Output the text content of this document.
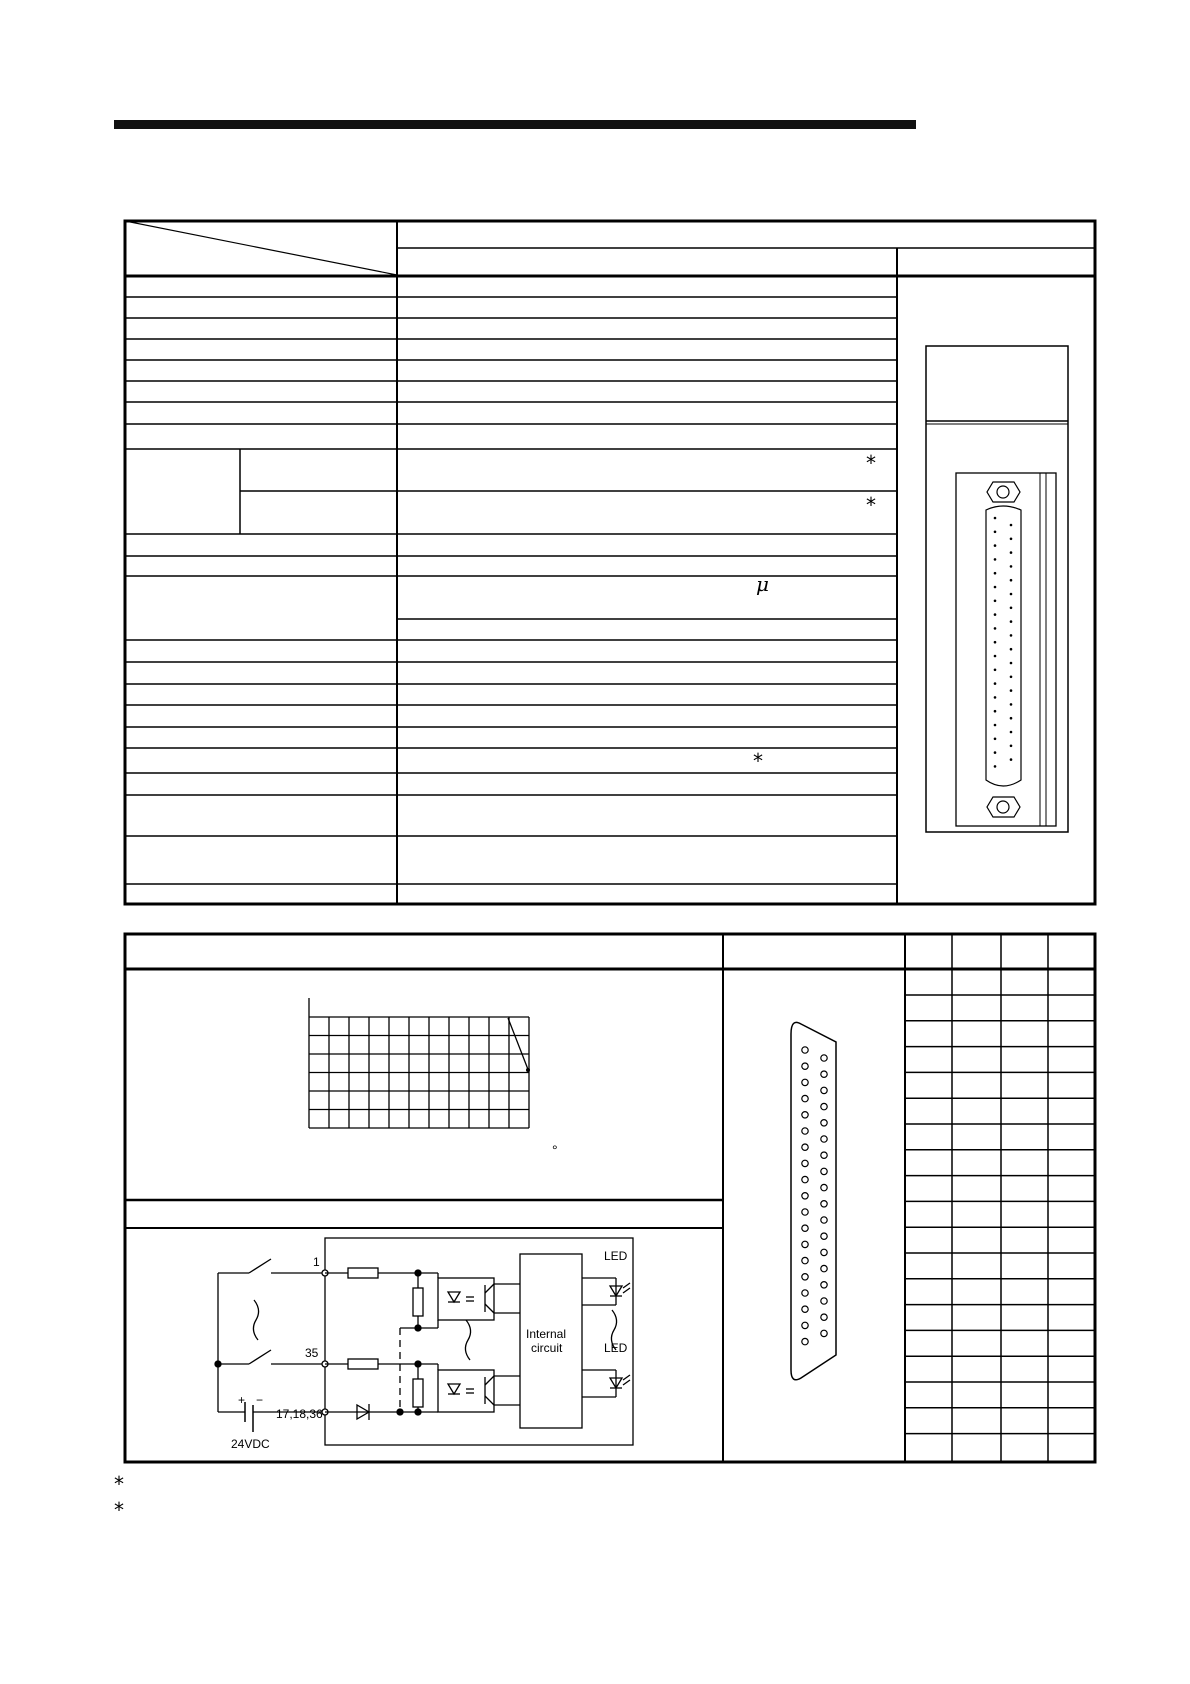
*
*
*
μ
°
1
35
17,18,36
24VDC
+ −
LED
LED
Internal
circuit
*
*
